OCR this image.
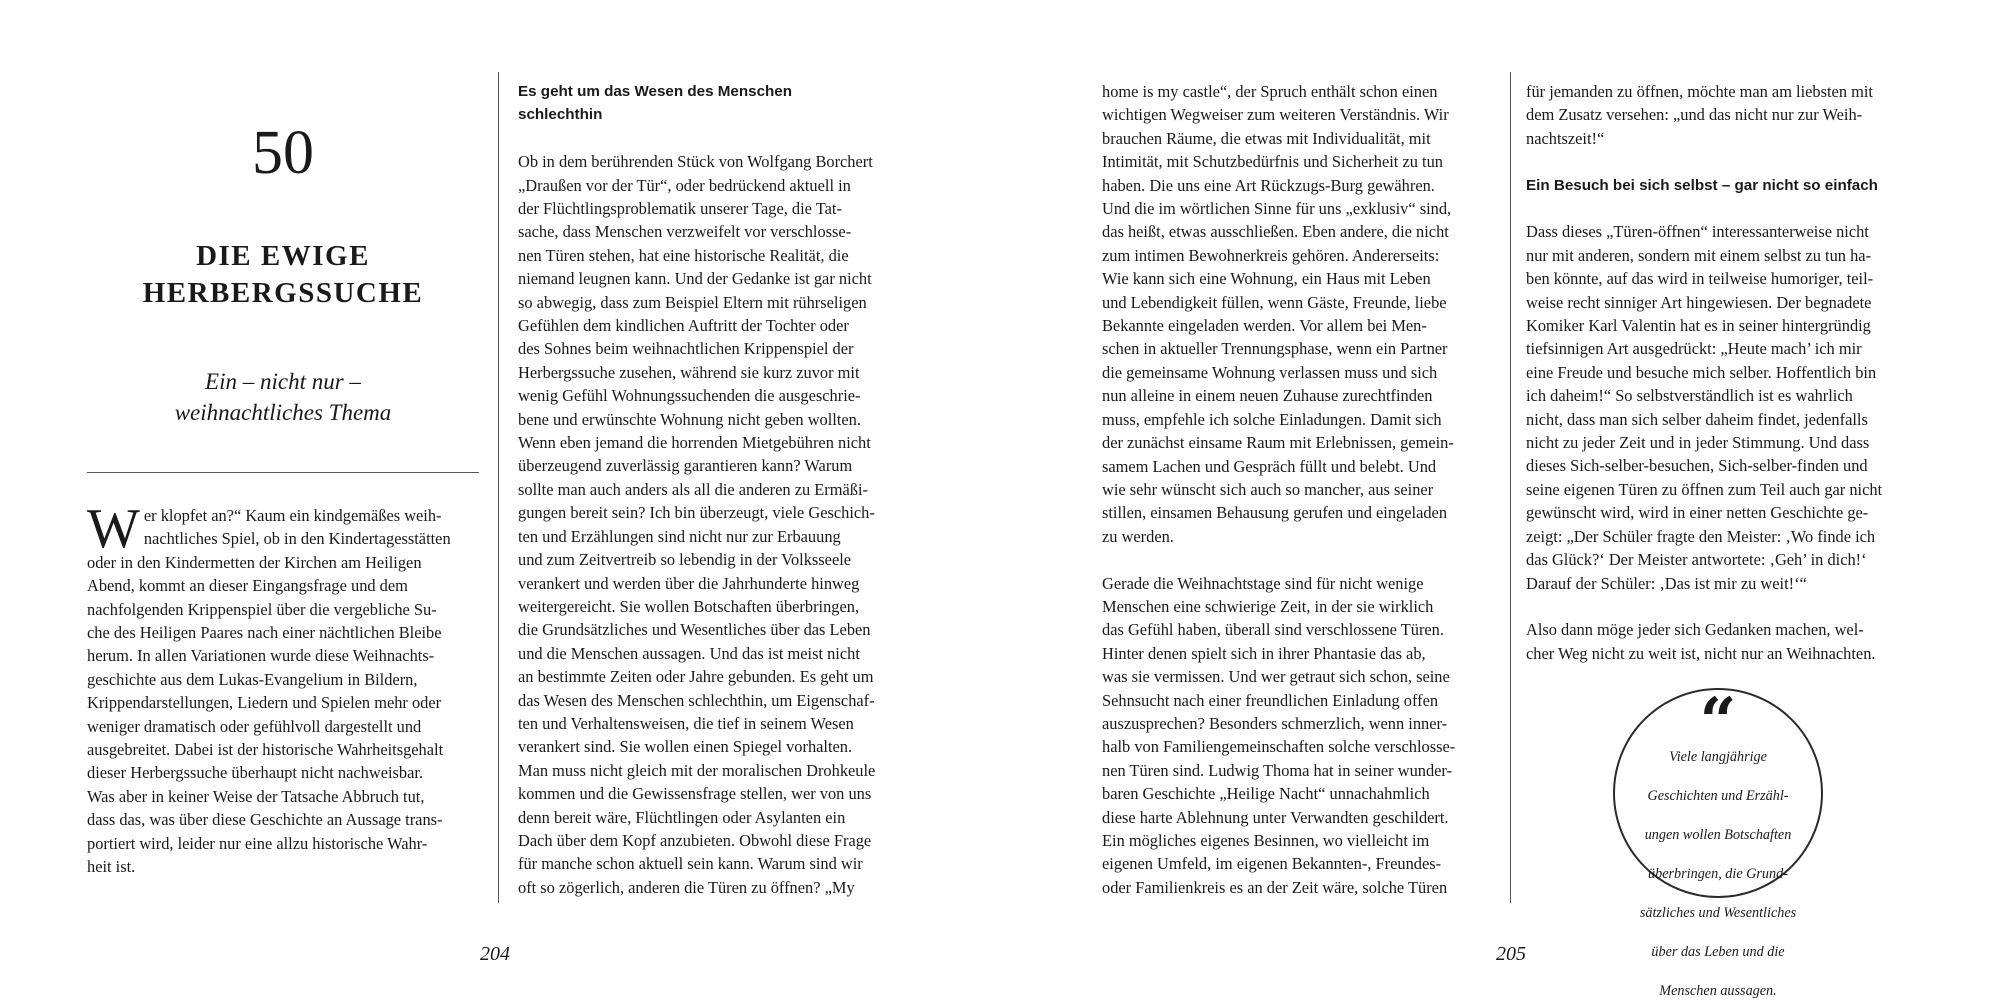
50
DIE EWIGE
HERBERGSSUCHE
Ein – nicht nur –
weihnachtliches Thema

W er klopfet an?“ Kaum ein kindgemäßes weih-
nachtliches Spiel, ob in den Kindertagesstätten
oder in den Kindermetten der Kirchen am Heiligen
Abend, kommt an dieser Eingangsfrage und dem
nachfolgenden Krippenspiel über die vergebliche Su-
che des Heiligen Paares nach einer nächtlichen Bleibe
herum. In allen Variationen wurde diese Weihnachts-
geschichte aus dem Lukas-Evangelium in Bildern,
Krippendarstellungen, Liedern und Spielen mehr oder
weniger dramatisch oder gefühlvoll dargestellt und
ausgebreitet. Dabei ist der historische Wahrheitsgehalt
dieser Herbergssuche überhaupt nicht nachweisbar.
Was aber in keiner Weise der Tatsache Abbruch tut,
dass das, was über diese Geschichte an Aussage trans-
portiert wird, leider nur eine allzu historische Wahr-
heit ist.

Es geht um das Wesen des Menschen
schlechthin

Ob in dem berührenden Stück von Wolfgang Borchert
„Draußen vor der Tür“, oder bedrückend aktuell in
der Flüchtlingsproblematik unserer Tage, die Tat-
sache, dass Menschen verzweifelt vor verschlosse-
nen Türen stehen, hat eine historische Realität, die
niemand leugnen kann. Und der Gedanke ist gar nicht
so abwegig, dass zum Beispiel Eltern mit rührseligen
Gefühlen dem kindlichen Auftritt der Tochter oder
des Sohnes beim weihnachtlichen Krippenspiel der
Herbergssuche zusehen, während sie kurz zuvor mit
wenig Gefühl Wohnungssuchenden die ausgeschrie-
bene und erwünschte Wohnung nicht geben wollten.
Wenn eben jemand die horrenden Mietgebühren nicht
überzeugend zuverlässig garantieren kann? Warum
sollte man auch anders als all die anderen zu Ermäßi-
gungen bereit sein? Ich bin überzeugt, viele Geschich-
ten und Erzählungen sind nicht nur zur Erbauung
und zum Zeitvertreib so lebendig in der Volksseele
verankert und werden über die Jahrhunderte hinweg
weitergereicht. Sie wollen Botschaften überbringen,
die Grundsätzliches und Wesentliches über das Leben
und die Menschen aussagen. Und das ist meist nicht
an bestimmte Zeiten oder Jahre gebunden. Es geht um
das Wesen des Menschen schlechthin, um Eigenschaf-
ten und Verhaltensweisen, die tief in seinem Wesen
verankert sind. Sie wollen einen Spiegel vorhalten.
Man muss nicht gleich mit der moralischen Drohkeule
kommen und die Gewissensfrage stellen, wer von uns
denn bereit wäre, Flüchtlingen oder Asylanten ein
Dach über dem Kopf anzubieten. Obwohl diese Frage
für manche schon aktuell sein kann. Warum sind wir
oft so zögerlich, anderen die Türen zu öffnen? „My

home is my castle“, der Spruch enthält schon einen
wichtigen Wegweiser zum weiteren Verständnis. Wir
brauchen Räume, die etwas mit Individualität, mit
Intimität, mit Schutzbedürfnis und Sicherheit zu tun
haben. Die uns eine Art Rückzugs-Burg gewähren.
Und die im wörtlichen Sinne für uns „exklusiv“ sind,
das heißt, etwas ausschließen. Eben andere, die nicht
zum intimen Bewohnerkreis gehören. Andererseits:
Wie kann sich eine Wohnung, ein Haus mit Leben
und Lebendigkeit füllen, wenn Gäste, Freunde, liebe
Bekannte eingeladen werden. Vor allem bei Men-
schen in aktueller Trennungsphase, wenn ein Partner
die gemeinsame Wohnung verlassen muss und sich
nun alleine in einem neuen Zuhause zurechtfinden
muss, empfehle ich solche Einladungen. Damit sich
der zunächst einsame Raum mit Erlebnissen, gemein-
samem Lachen und Gespräch füllt und belebt. Und
wie sehr wünscht sich auch so mancher, aus seiner
stillen, einsamen Behausung gerufen und eingeladen
zu werden.

Gerade die Weihnachtstage sind für nicht wenige
Menschen eine schwierige Zeit, in der sie wirklich
das Gefühl haben, überall sind verschlossene Türen.
Hinter denen spielt sich in ihrer Phantasie das ab,
was sie vermissen. Und wer getraut sich schon, seine
Sehnsucht nach einer freundlichen Einladung offen
auszusprechen? Besonders schmerzlich, wenn inner-
halb von Familiengemeinschaften solche verschlosse-
nen Türen sind. Ludwig Thoma hat in seiner wunder-
baren Geschichte „Heilige Nacht“ unnachahmlich
diese harte Ablehnung unter Verwandten geschildert.
Ein mögliches eigenes Besinnen, wo vielleicht im
eigenen Umfeld, im eigenen Bekannten-, Freundes-
oder Familienkreis es an der Zeit wäre, solche Türen

für jemanden zu öffnen, möchte man am liebsten mit
dem Zusatz versehen: „und das nicht nur zur Weih-
nachtszeit!“

Ein Besuch bei sich selbst – gar nicht so einfach

Dass dieses „Türen-öffnen“ interessanterweise nicht
nur mit anderen, sondern mit einem selbst zu tun ha-
ben könnte, auf das wird in teilweise humoriger, teil-
weise recht sinniger Art hingewiesen. Der begnadete
Komiker Karl Valentin hat es in seiner hintergründig
tiefsinnigen Art ausgedrückt: „Heute mach’ ich mir
eine Freude und besuche mich selber. Hoffentlich bin
ich daheim!“ So selbstverständlich ist es wahrlich
nicht, dass man sich selber daheim findet, jedenfalls
nicht zu jeder Zeit und in jeder Stimmung. Und dass
dieses Sich-selber-besuchen, Sich-selber-finden und
seine eigenen Türen zu öffnen zum Teil auch gar nicht
gewünscht wird, wird in einer netten Geschichte ge-
zeigt: „Der Schüler fragte den Meister: ‚Wo finde ich
das Glück?‘ Der Meister antwortete: ‚Geh’ in dich!‘
Darauf der Schüler: ‚Das ist mir zu weit!‘“

Also dann möge jeder sich Gedanken machen, wel-
cher Weg nicht zu weit ist, nicht nur an Weihnachten.

“
Viele langjährige

Geschichten und Erzähl-

ungen wollen Botschaften

überbringen, die Grund-

sätzliches und Wesentliches

über das Leben und die

Menschen aussagen.
204	205
